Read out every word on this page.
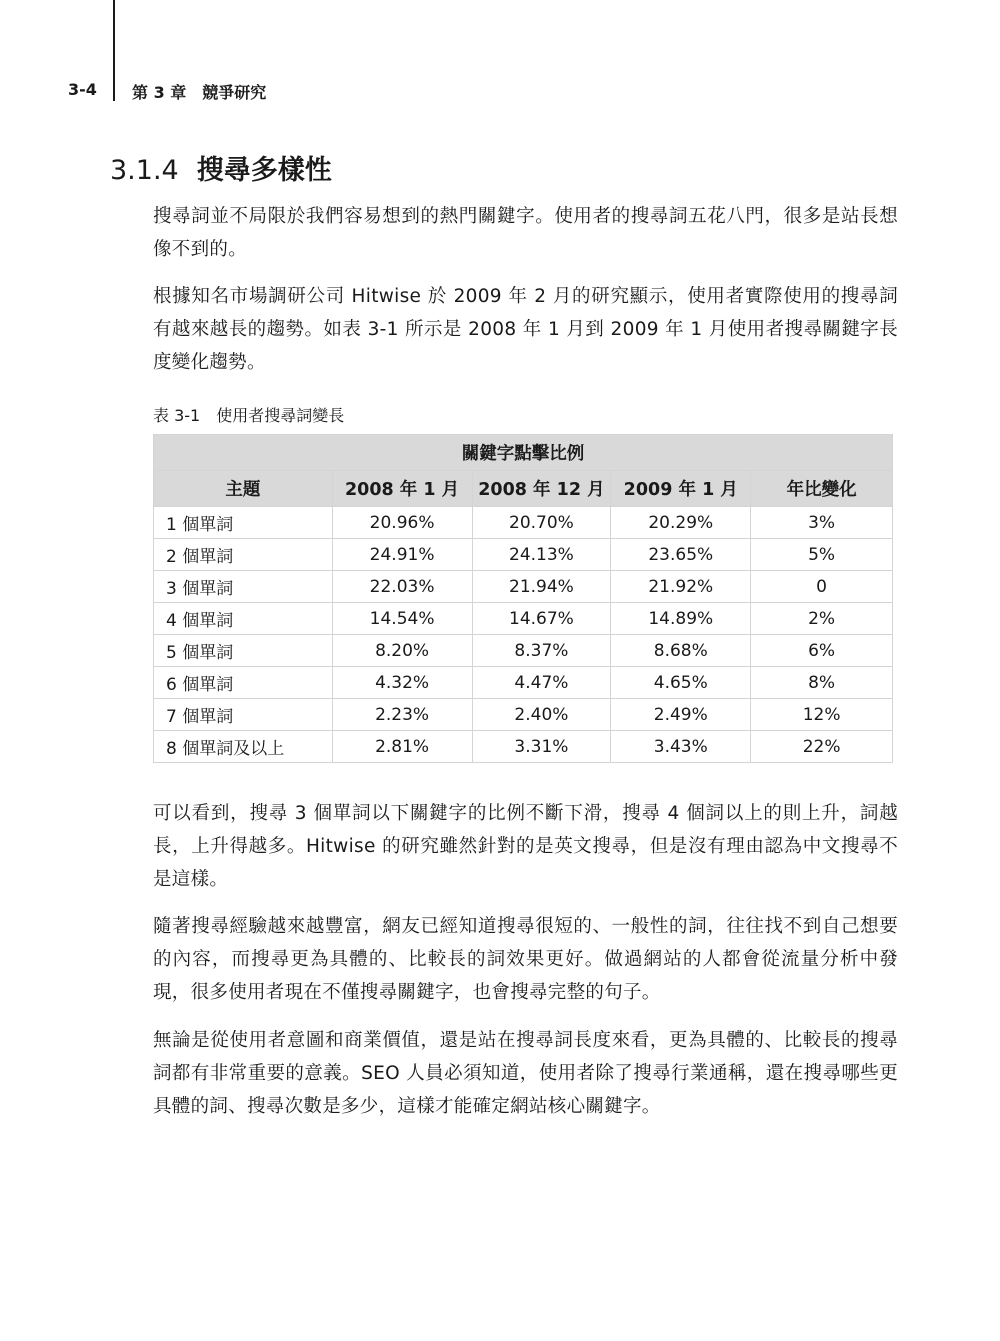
3-4 第 3 章　競爭研究
3.1.4 搜尋多樣性

搜尋詞並不局限於我們容易想到的熱門關鍵字。使用者的搜尋詞五花八門，很多是站長想像不到的。

根據知名市場調研公司 Hitwise 於 2009 年 2 月的研究顯示，使用者實際使用的搜尋詞有越來越長的趨勢。如表 3-1 所示是 2008 年 1 月到 2009 年 1 月使用者搜尋關鍵字長度變化趨勢。

表 3-1　使用者搜尋詞變長
關鍵字點擊比例				
主題	2008 年 1 月	2008 年 12 月	2009 年 1 月	年比變化
1 個單詞	20.96%	20.70%	20.29%	3%
2 個單詞	24.91%	24.13%	23.65%	5%
3 個單詞	22.03%	21.94%	21.92%	0
4 個單詞	14.54%	14.67%	14.89%	2%
5 個單詞	8.20%	8.37%	8.68%	6%
6 個單詞	4.32%	4.47%	4.65%	8%
7 個單詞	2.23%	2.40%	2.49%	12%
8 個單詞及以上	2.81%	3.31%	3.43%	22%

可以看到，搜尋 3 個單詞以下關鍵字的比例不斷下滑，搜尋 4 個詞以上的則上升，詞越長，上升得越多。Hitwise 的研究雖然針對的是英文搜尋，但是沒有理由認為中文搜尋不是這樣。

隨著搜尋經驗越來越豐富，網友已經知道搜尋很短的、一般性的詞，往往找不到自己想要的內容，而搜尋更為具體的、比較長的詞效果更好。做過網站的人都會從流量分析中發現，很多使用者現在不僅搜尋關鍵字，也會搜尋完整的句子。

無論是從使用者意圖和商業價值，還是站在搜尋詞長度來看，更為具體的、比較長的搜尋詞都有非常重要的意義。SEO 人員必須知道，使用者除了搜尋行業通稱，還在搜尋哪些更具體的詞、搜尋次數是多少，這樣才能確定網站核心關鍵字。
